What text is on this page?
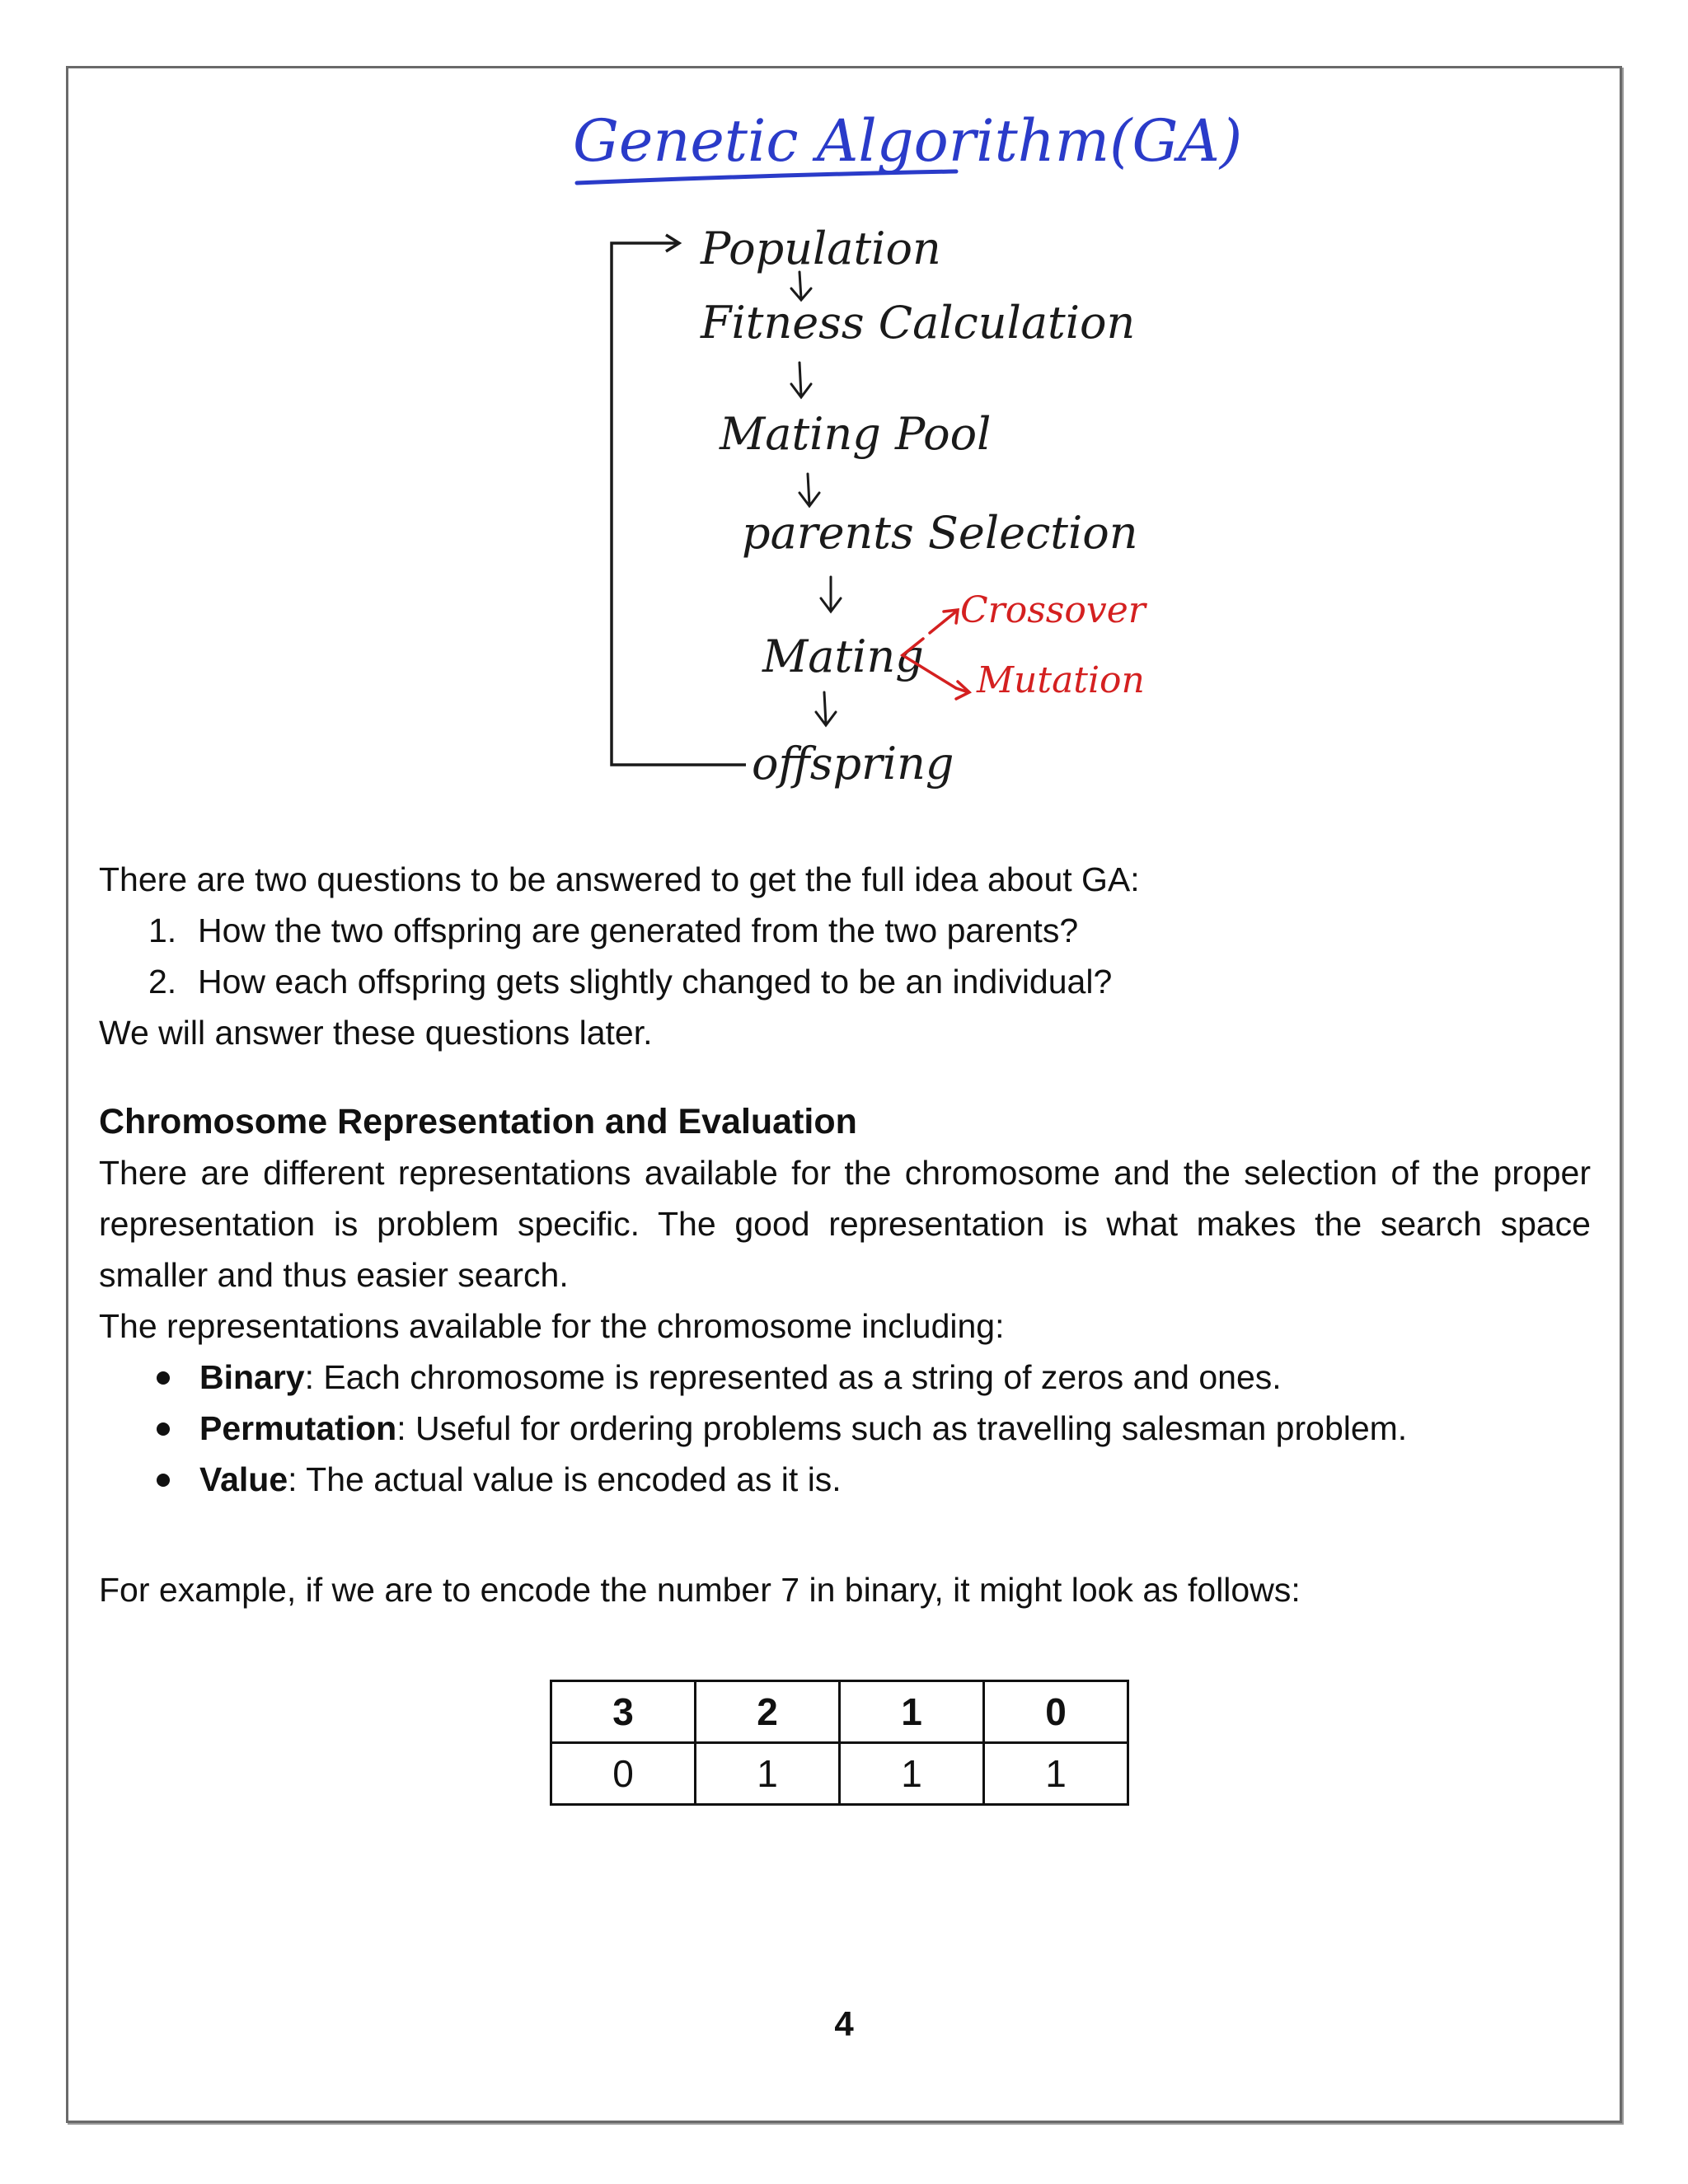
Genetic Algorithm(GA)
Population
Fitness Calculation
Mating Pool
parents Selection
Mating
offspring
Crossover
Mutation
There are two questions to be answered to get the full idea about GA:
1. How the two offspring are generated from the two parents?
2. How each offspring gets slightly changed to be an individual?
We will answer these questions later.
Chromosome Representation and Evaluation
There are different representations available for the chromosome and the selection of the proper representation is problem specific. The good representation is what makes the search space smaller and thus easier search.
The representations available for the chromosome including:
Binary: Each chromosome is represented as a string of zeros and ones.
Permutation: Useful for ordering problems such as travelling salesman problem.
Value: The actual value is encoded as it is.
For example, if we are to encode the number 7 in binary, it might look as follows:
3	2	1	0
0	1	1	1
4
